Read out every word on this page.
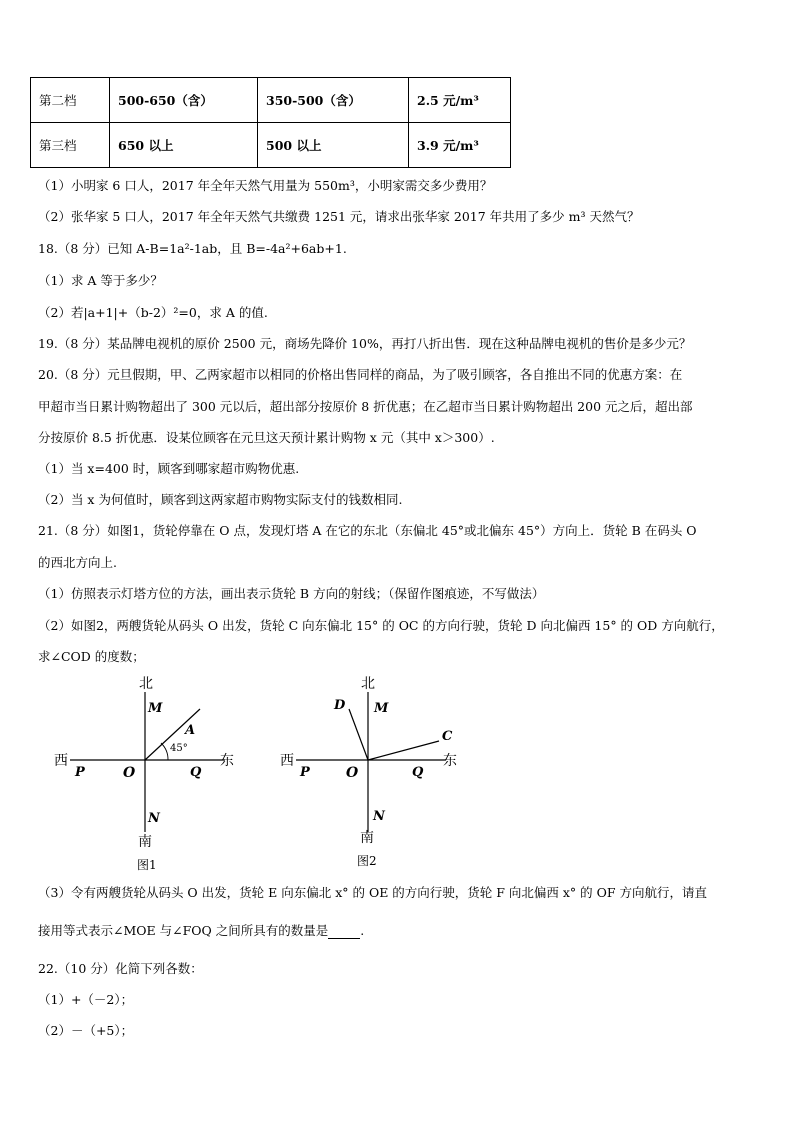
第二档	500-650（含）	350-500（含）	2.5 元/m³
第三档	650 以上	500 以上	3.9 元/m³
（1）小明家 6 口人，2017 年全年天然气用量为 550m³，小明家需交多少费用？
（2）张华家 5 口人，2017 年全年天然气共缴费 1251 元，请求出张华家 2017 年共用了多少 m³ 天然气？
18.（8 分）已知 A-B=1a²-1ab，且 B=-4a²+6ab+1.
（1）求 A 等于多少？
（2）若|a+1|+（b-2）²=0，求 A 的值.
19.（8 分）某品牌电视机的原价 2500 元，商场先降价 10%，再打八折出售．现在这种品牌电视机的售价是多少元？
20.（8 分）元旦假期，甲、乙两家超市以相同的价格出售同样的商品，为了吸引顾客，各自推出不同的优惠方案：在
甲超市当日累计购物超出了 300 元以后，超出部分按原价 8 折优惠；在乙超市当日累计购物超出 200 元之后，超出部
分按原价 8.5 折优惠．设某位顾客在元旦这天预计累计购物 x 元（其中 x＞300）.
（1）当 x=400 时，顾客到哪家超市购物优惠.
（2）当 x 为何值时，顾客到这两家超市购物实际支付的钱数相同.
21.（8 分）如图1，货轮停靠在 O 点，发现灯塔 A 在它的东北（东偏北 45°或北偏东 45°）方向上．货轮 B 在码头 O
的西北方向上.
（1）仿照表示灯塔方位的方法，画出表示货轮 B 方向的射线；（保留作图痕迹，不写做法）
（2）如图2，两艘货轮从码头 O 出发，货轮 C 向东偏北 15° 的 OC 的方向行驶，货轮 D 向北偏西 15° 的 OD 方向航行，
求∠COD 的度数；
北
南
西	东
M
N
P	Q
O
A
45°
图1
北
南
西	东
M
N
P	Q
O
C
D
图2
（3）令有两艘货轮从码头 O 出发，货轮 E 向东偏北 x° 的 OE 的方向行驶，货轮 F 向北偏西 x° 的 OF 方向航行，请直
接用等式表示∠MOE 与∠FOQ 之间所具有的数量是	.
22.（10 分）化简下列各数：
（1）+（－2）；
（2）－（+5）；
